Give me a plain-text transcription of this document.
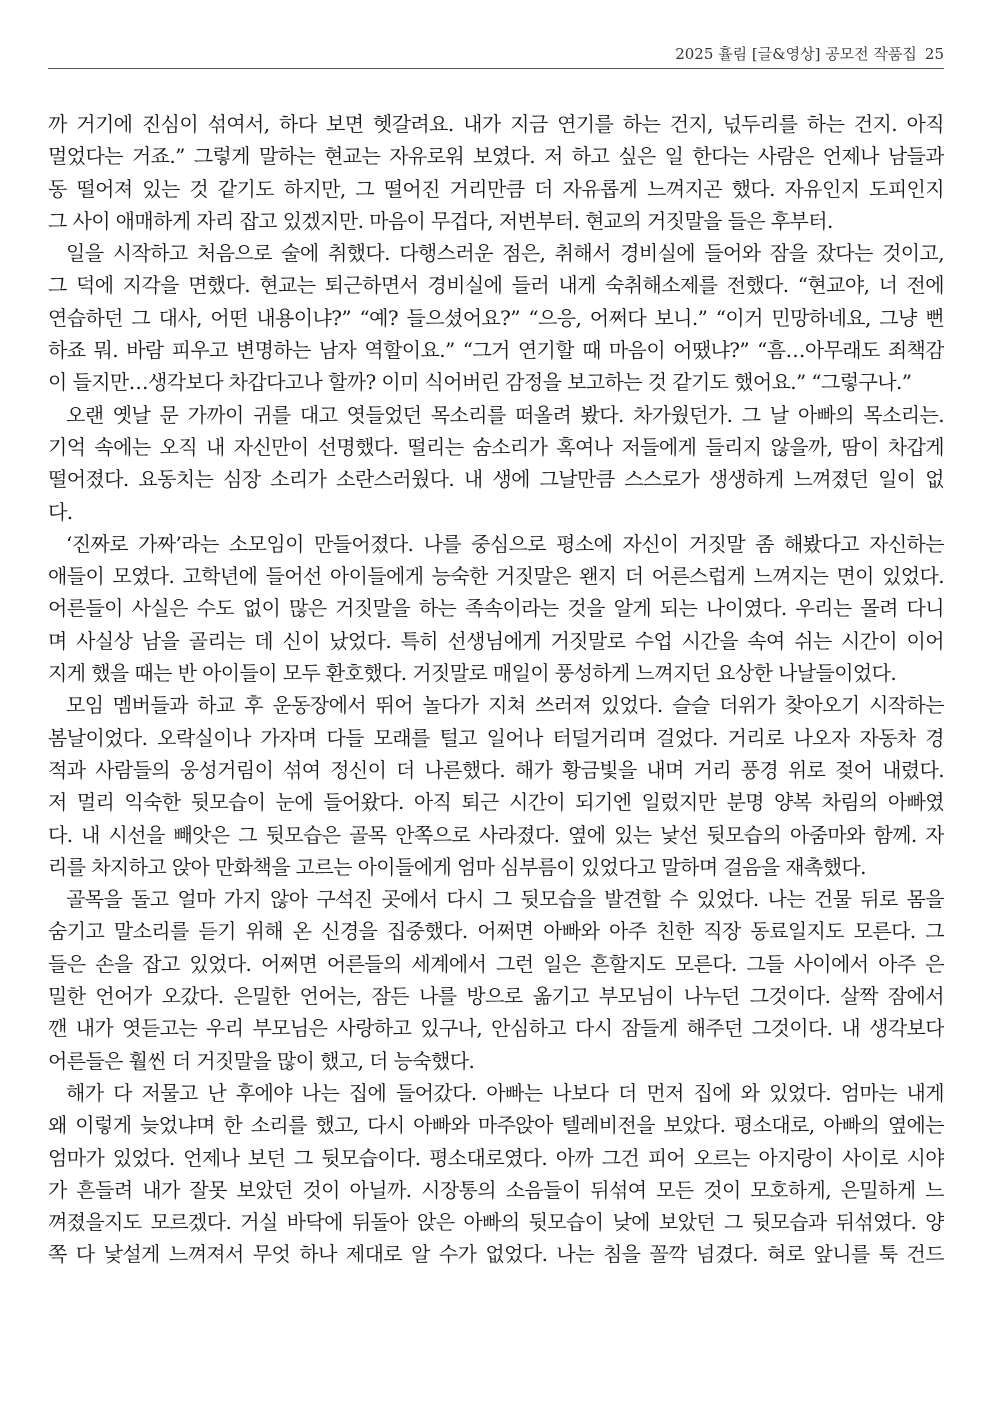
2025 휼림 [글&영상] 공모전 작품집 25
까 거기에 진심이 섞여서, 하다 보면 헷갈려요. 내가 지금 연기를 하는 건지, 넋두리를 하는 건지. 아직
멀었다는 거죠.” 그렇게 말하는 현교는 자유로워 보였다. 저 하고 싶은 일 한다는 사람은 언제나 남들과
동 떨어져 있는 것 같기도 하지만, 그 떨어진 거리만큼 더 자유롭게 느껴지곤 했다. 자유인지 도피인지
그 사이 애매하게 자리 잡고 있겠지만. 마음이 무겁다, 저번부터. 현교의 거짓말을 들은 후부터.
일을 시작하고 처음으로 술에 취했다. 다행스러운 점은, 취해서 경비실에 들어와 잠을 잤다는 것이고,
그 덕에 지각을 면했다. 현교는 퇴근하면서 경비실에 들러 내게 숙취해소제를 전했다. “현교야, 너 전에
연습하던 그 대사, 어떤 내용이냐?” “예? 들으셨어요?” “으응, 어쩌다 보니.” “이거 민망하네요, 그냥 뻔
하죠 뭐. 바람 피우고 변명하는 남자 역할이요.” “그거 연기할 때 마음이 어땠냐?” “흠…아무래도 죄책감
이 들지만…생각보다 차갑다고나 할까? 이미 식어버린 감정을 보고하는 것 같기도 했어요.” “그렇구나.”
오랜 옛날 문 가까이 귀를 대고 엿들었던 목소리를 떠올려 봤다. 차가웠던가. 그 날 아빠의 목소리는.
기억 속에는 오직 내 자신만이 선명했다. 떨리는 숨소리가 혹여나 저들에게 들리지 않을까, 땀이 차갑게
떨어졌다. 요동치는 심장 소리가 소란스러웠다. 내 생에 그날만큼 스스로가 생생하게 느껴졌던 일이 없
다.
‘진짜로 가짜’라는 소모임이 만들어졌다. 나를 중심으로 평소에 자신이 거짓말 좀 해봤다고 자신하는
애들이 모였다. 고학년에 들어선 아이들에게 능숙한 거짓말은 왠지 더 어른스럽게 느껴지는 면이 있었다.
어른들이 사실은 수도 없이 많은 거짓말을 하는 족속이라는 것을 알게 되는 나이였다. 우리는 몰려 다니
며 사실상 남을 골리는 데 신이 났었다. 특히 선생님에게 거짓말로 수업 시간을 속여 쉬는 시간이 이어
지게 했을 때는 반 아이들이 모두 환호했다. 거짓말로 매일이 풍성하게 느껴지던 요상한 나날들이었다.
모임 멤버들과 하교 후 운동장에서 뛰어 놀다가 지쳐 쓰러져 있었다. 슬슬 더위가 찾아오기 시작하는
봄날이었다. 오락실이나 가자며 다들 모래를 털고 일어나 터덜거리며 걸었다. 거리로 나오자 자동차 경
적과 사람들의 웅성거림이 섞여 정신이 더 나른했다. 해가 황금빛을 내며 거리 풍경 위로 젖어 내렸다.
저 멀리 익숙한 뒷모습이 눈에 들어왔다. 아직 퇴근 시간이 되기엔 일렀지만 분명 양복 차림의 아빠였
다. 내 시선을 빼앗은 그 뒷모습은 골목 안쪽으로 사라졌다. 옆에 있는 낯선 뒷모습의 아줌마와 함께. 자
리를 차지하고 앉아 만화책을 고르는 아이들에게 엄마 심부름이 있었다고 말하며 걸음을 재촉했다.
골목을 돌고 얼마 가지 않아 구석진 곳에서 다시 그 뒷모습을 발견할 수 있었다. 나는 건물 뒤로 몸을
숨기고 말소리를 듣기 위해 온 신경을 집중했다. 어쩌면 아빠와 아주 친한 직장 동료일지도 모른다. 그
들은 손을 잡고 있었다. 어쩌면 어른들의 세계에서 그런 일은 흔할지도 모른다. 그들 사이에서 아주 은
밀한 언어가 오갔다. 은밀한 언어는, 잠든 나를 방으로 옮기고 부모님이 나누던 그것이다. 살짝 잠에서
깬 내가 엿듣고는 우리 부모님은 사랑하고 있구나, 안심하고 다시 잠들게 해주던 그것이다. 내 생각보다
어른들은 훨씬 더 거짓말을 많이 했고, 더 능숙했다.
해가 다 저물고 난 후에야 나는 집에 들어갔다. 아빠는 나보다 더 먼저 집에 와 있었다. 엄마는 내게
왜 이렇게 늦었냐며 한 소리를 했고, 다시 아빠와 마주앉아 텔레비전을 보았다. 평소대로, 아빠의 옆에는
엄마가 있었다. 언제나 보던 그 뒷모습이다. 평소대로였다. 아까 그건 피어 오르는 아지랑이 사이로 시야
가 흔들려 내가 잘못 보았던 것이 아닐까. 시장통의 소음들이 뒤섞여 모든 것이 모호하게, 은밀하게 느
껴졌을지도 모르겠다. 거실 바닥에 뒤돌아 앉은 아빠의 뒷모습이 낮에 보았던 그 뒷모습과 뒤섞였다. 양
쪽 다 낯설게 느껴져서 무엇 하나 제대로 알 수가 없었다. 나는 침을 꼴깍 넘겼다. 혀로 앞니를 툭 건드
